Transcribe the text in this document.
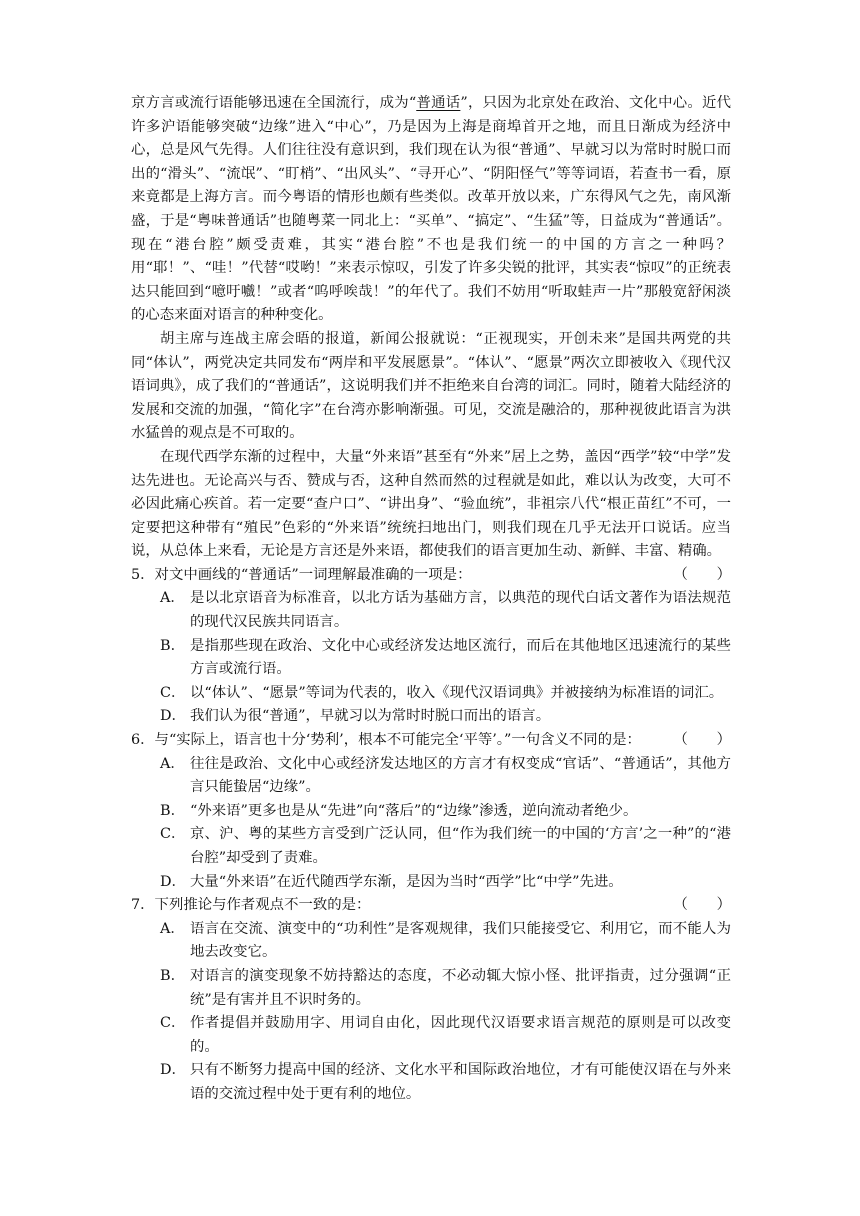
京方言或流行语能够迅速在全国流行，成为“普通话”，只因为北京处在政治、文化中心。近代许多沪语能够突破“边缘”进入“中心”，乃是因为上海是商埠首开之地，而且日渐成为经济中心，总是风气先得。人们往往没有意识到，我们现在认为很“普通”、早就习以为常时时脱口而出的“滑头”、“流氓”、“盯梢”、“出风头”、“寻开心”、“阴阳怪气”等等词语，若查书一看，原来竟都是上海方言。而今粤语的情形也颇有些类似。改革开放以来，广东得风气之先，南风渐盛，于是“粤味普通话”也随粤菜一同北上：“买单”、“搞定”、“生猛”等，日益成为“普通话”。现在“港台腔”颇受责难，其实“港台腔”不也是我们统一的中国的方言之一种吗？用“耶！”、“哇！”代替“哎哟！”来表示惊叹，引发了许多尖锐的批评，其实表“惊叹”的正统表达只能回到“噫吁嚱！”或者“呜呼唉哉！”的年代了。我们不妨用“听取蛙声一片”那般宽舒闲淡的心态来面对语言的种种变化。

胡主席与连战主席会晤的报道，新闻公报就说：“正视现实，开创未来”是国共两党的共同“体认”，两党决定共同发布“两岸和平发展愿景”。“体认”、“愿景”两次立即被收入《现代汉语词典》，成了我们的“普通话”，这说明我们并不拒绝来自台湾的词汇。同时，随着大陆经济的发展和交流的加强，“简化字”在台湾亦影响渐强。可见，交流是融洽的，那种视彼此语言为洪水猛兽的观点是不可取的。

在现代西学东渐的过程中，大量“外来语”甚至有“外来”居上之势，盖因“西学”较“中学”发达先进也。无论高兴与否、赞成与否，这种自然而然的过程就是如此，难以认为改变，大可不必因此痛心疾首。若一定要“查户口”、“讲出身”、“验血统”，非祖宗八代“根正苗红”不可，一定要把这种带有“殖民”色彩的“外来语”统统扫地出门，则我们现在几乎无法开口说话。应当说，从总体上来看，无论是方言还是外来语，都使我们的语言更加生动、新鲜、丰富、精确。

5． 对文中画线的“普通话”一词理解最准确的一项是：	（　　）
A． 是以北京语音为标准音，以北方话为基础方言，以典范的现代白话文著作为语法规范的现代汉民族共同语言。
B． 是指那些现在政治、文化中心或经济发达地区流行，而后在其他地区迅速流行的某些方言或流行语。
C． 以“体认”、“愿景”等词为代表的，收入《现代汉语词典》并被接纳为标准语的词汇。
D． 我们认为很“普通”，早就习以为常时时脱口而出的语言。
6． 与“实际上，语言也十分‘势利’，根本不可能完全‘平等’。”一句含义不同的是：	（　　）
A． 往往是政治、文化中心或经济发达地区的方言才有权变成“官话”、“普通话”，其他方言只能蛰居“边缘”。
B． “外来语”更多也是从“先进”向“落后”的“边缘”渗透，逆向流动者绝少。
C． 京、沪、粤的某些方言受到广泛认同，但“作为我们统一的中国的‘方言’之一种”的“港台腔”却受到了责难。
D． 大量“外来语”在近代随西学东渐，是因为当时“西学”比“中学”先进。
7． 下列推论与作者观点不一致的是：	（　　）
A． 语言在交流、演变中的“功利性”是客观规律，我们只能接受它、利用它，而不能人为地去改变它。
B． 对语言的演变现象不妨持豁达的态度，不必动辄大惊小怪、批评指责，过分强调“正统”是有害并且不识时务的。
C． 作者提倡并鼓励用字、用词自由化，因此现代汉语要求语言规范的原则是可以改变的。
D． 只有不断努力提高中国的经济、文化水平和国际政治地位，才有可能使汉语在与外来语的交流过程中处于更有利的地位。
